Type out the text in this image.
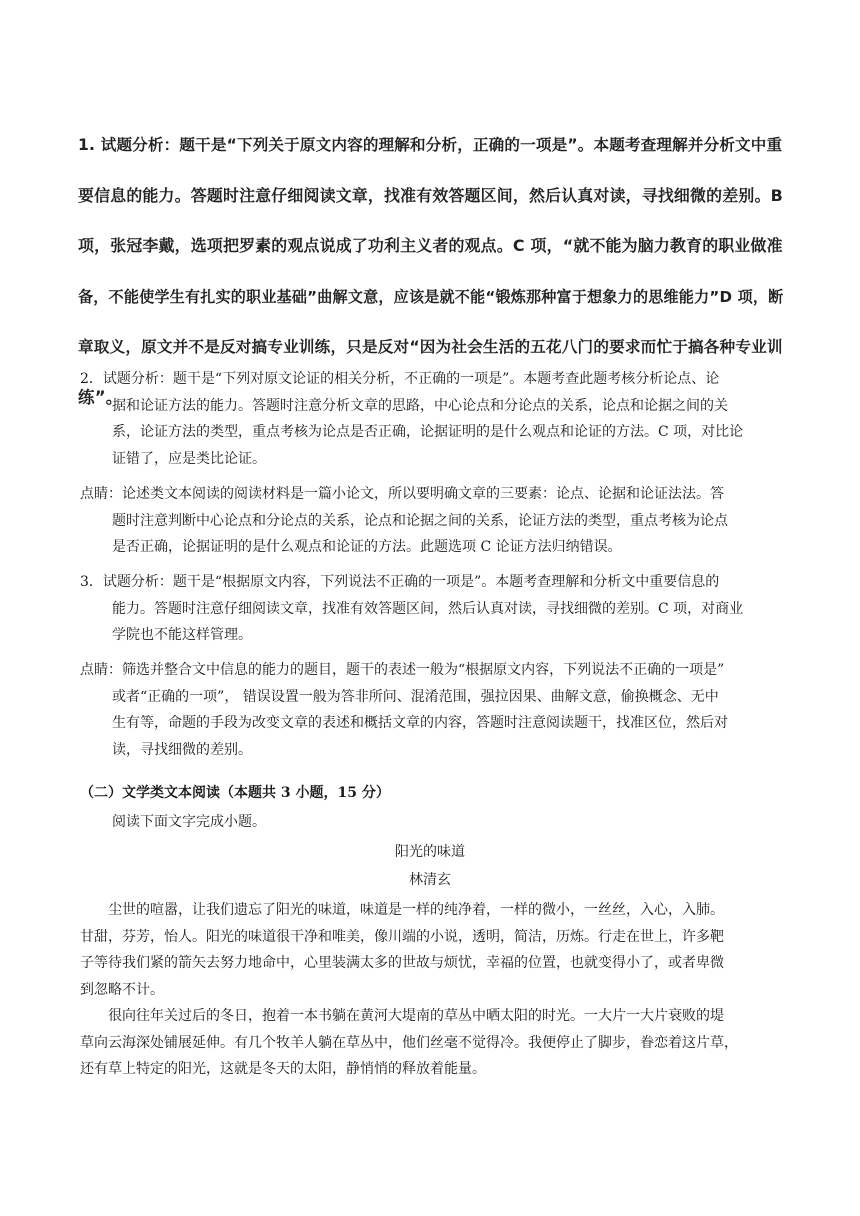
1. 试题分析：题干是“下列关于原文内容的理解和分析，正确的一项是”。本题考查理解并分析文中重
要信息的能力。答题时注意仔细阅读文章，找准有效答题区间，然后认真对读，寻找细微的差别。B
项，张冠李戴，选项把罗素的观点说成了功利主义者的观点。C 项，“就不能为脑力教育的职业做准
备，不能使学生有扎实的职业基础”曲解文意，应该是就不能“锻炼那种富于想象力的思维能力”D 项，断
章取义，原文并不是反对搞专业训练，只是反对“因为社会生活的五花八门的要求而忙于搞各种专业训
练”。
2．试题分析：题干是“下列对原文论证的相关分析，不正确的一项是”。本题考查此题考核分析论点、论
据和论证方法的能力。答题时注意分析文章的思路，中心论点和分论点的关系，论点和论据之间的关
系，论证方法的类型，重点考核为论点是否正确，论据证明的是什么观点和论证的方法。C 项，对比论
证错了，应是类比论证。
点睛：论述类文本阅读的阅读材料是一篇小论文，所以要明确文章的三要素：论点、论据和论证法法。答
题时注意判断中心论点和分论点的关系，论点和论据之间的关系，论证方法的类型，重点考核为论点
是否正确，论据证明的是什么观点和论证的方法。此题选项 C 论证方法归纳错误。
3．试题分析：题干是“根据原文内容，下列说法不正确的一项是”。本题考查理解和分析文中重要信息的
能力。答题时注意仔细阅读文章，找准有效答题区间，然后认真对读，寻找细微的差别。C 项，对商业
学院也不能这样管理。
点睛：筛选并整合文中信息的能力的题目，题干的表述一般为“根据原文内容，下列说法不正确的一项是”
或者“正确的一项”， 错误设置一般为答非所问、混淆范围，强拉因果、曲解文意，偷换概念、无中
生有等，命题的手段为改变文章的表述和概括文章的内容，答题时注意阅读题干，找准区位，然后对
读，寻找细微的差别。
（二）文学类文本阅读（本题共 3 小题，15 分）
阅读下面文字完成小题。
阳光的味道
林清玄
尘世的喧嚣，让我们遗忘了阳光的味道，味道是一样的纯净着，一样的微小，一丝丝，入心，入肺。
甘甜，芬芳，怡人。阳光的味道很干净和唯美，像川端的小说，透明，简洁，历炼。行走在世上，许多靶
子等待我们紧的箭矢去努力地命中，心里装满太多的世故与烦忧，幸福的位置，也就变得小了，或者卑微
到忽略不计。
很向往年关过后的冬日，抱着一本书躺在黄河大堤南的草丛中晒太阳的时光。一大片一大片衰败的堤
草向云海深处铺展延伸。有几个牧羊人躺在草丛中，他们丝毫不觉得冷。我便停止了脚步，眷恋着这片草，
还有草上特定的阳光，这就是冬天的太阳，静悄悄的释放着能量。
